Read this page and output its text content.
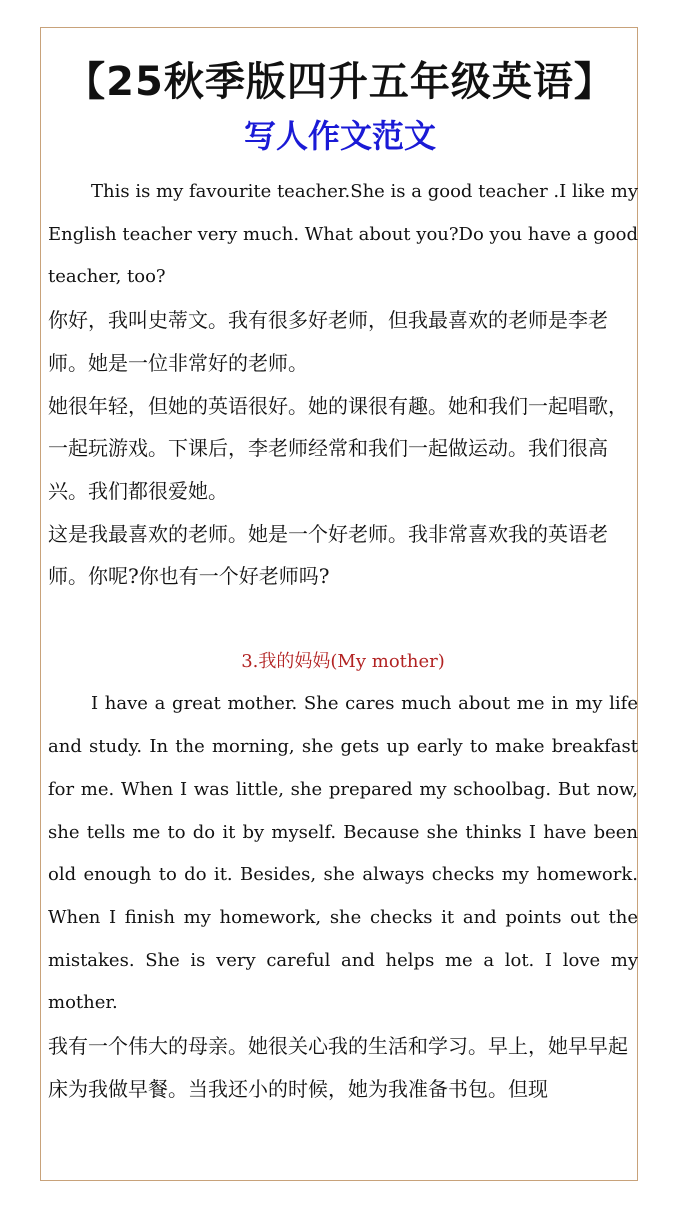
【25秋季版四升五年级英语】
写人作文范文

This is my favourite teacher.She is a good teacher .I like my English teacher very much. What about you?Do you have a good teacher, too?

你好，我叫史蒂文。我有很多好老师，但我最喜欢的老师是李老师。她是一位非常好的老师。

她很年轻，但她的英语很好。她的课很有趣。她和我们一起唱歌，一起玩游戏。下课后，李老师经常和我们一起做运动。我们很高兴。我们都很爱她。

这是我最喜欢的老师。她是一个好老师。我非常喜欢我的英语老师。你呢?你也有一个好老师吗?

3.我的妈妈(My mother)

I have a great mother. She cares much about me in my life and study. In the morning, she gets up early to make breakfast for me. When I was little, she prepared my schoolbag. But now, she tells me to do it by myself. Because she thinks I have been old enough to do it. Besides, she always checks my homework. When I finish my homework, she checks it and points out the mistakes. She is very careful and helps me a lot. I love my mother.

我有一个伟大的母亲。她很关心我的生活和学习。早上，她早早起床为我做早餐。当我还小的时候，她为我准备书包。但现
